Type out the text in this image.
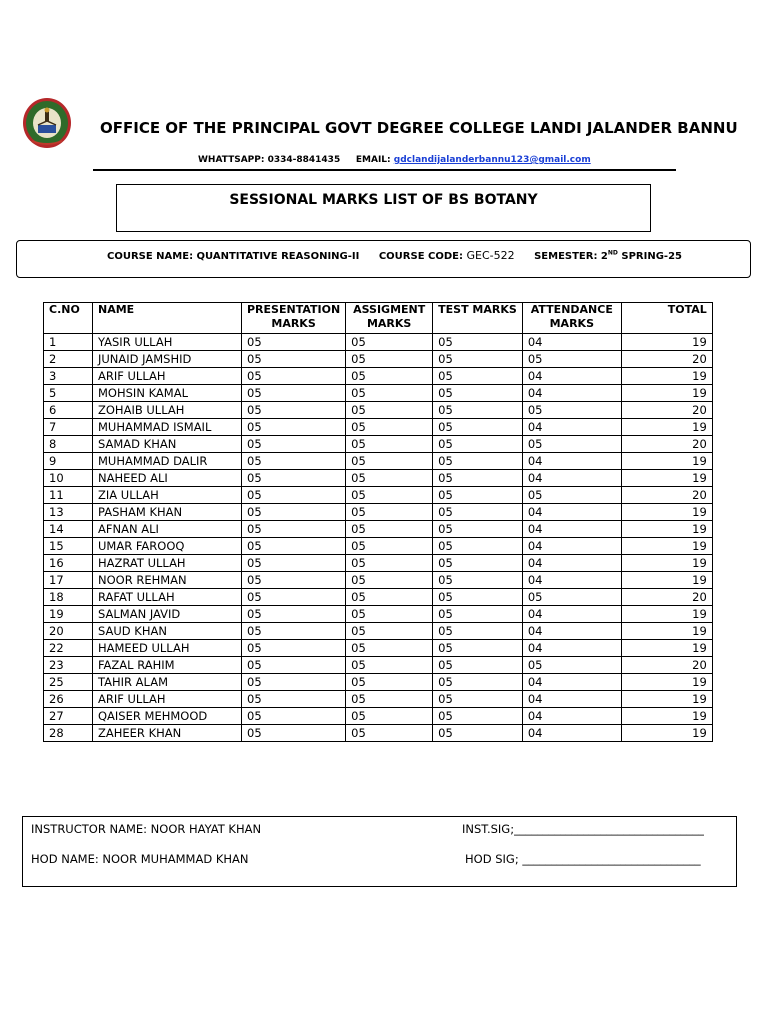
OFFICE OF THE PRINCIPAL GOVT DEGREE COLLEGE LANDI JALANDER BANNU
WHATTSAPP: 0334-8841435 EMAIL: gdclandijalanderbannu123@gmail.com
SESSIONAL MARKS LIST OF BS BOTANY
COURSE NAME: QUANTITATIVE REASONING-II COURSE CODE: GEC-522 SEMESTER: 2ND SPRING-25
C.NO	NAME	PRESENTATION MARKS	ASSIGMENT MARKS	TEST MARKS	ATTENDANCE MARKS	TOTAL
1	YASIR ULLAH	05	05	05	04	19
2	JUNAID JAMSHID	05	05	05	05	20
3	ARIF ULLAH	05	05	05	04	19
5	MOHSIN KAMAL	05	05	05	04	19
6	ZOHAIB ULLAH	05	05	05	05	20
7	MUHAMMAD ISMAIL	05	05	05	04	19
8	SAMAD KHAN	05	05	05	05	20
9	MUHAMMAD DALIR	05	05	05	04	19
10	NAHEED ALI	05	05	05	04	19
11	ZIA ULLAH	05	05	05	05	20
13	PASHAM KHAN	05	05	05	04	19
14	AFNAN ALI	05	05	05	04	19
15	UMAR FAROOQ	05	05	05	04	19
16	HAZRAT ULLAH	05	05	05	04	19
17	NOOR REHMAN	05	05	05	04	19
18	RAFAT ULLAH	05	05	05	05	20
19	SALMAN JAVID	05	05	05	04	19
20	SAUD KHAN	05	05	05	04	19
22	HAMEED ULLAH	05	05	05	04	19
23	FAZAL RAHIM	05	05	05	05	20
25	TAHIR ALAM	05	05	05	04	19
26	ARIF ULLAH	05	05	05	04	19
27	QAISER MEHMOOD	05	05	05	04	19
28	ZAHEER KHAN	05	05	05	04	19
INSTRUCTOR NAME: NOOR HAYAT KHAN	INST.SIG;_________________________________
HOD NAME: NOOR MUHAMMAD KHAN	HOD SIG; _______________________________
